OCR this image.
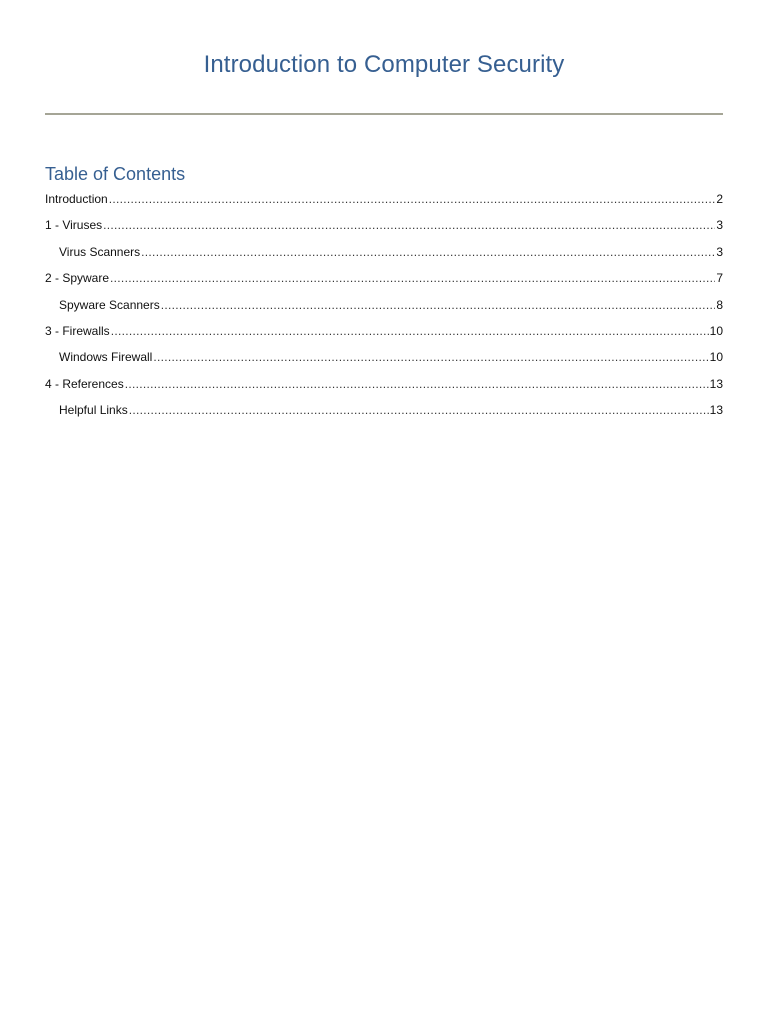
Introduction to Computer Security
Table of Contents
Introduction .....	2
1 - Viruses .....	3
Virus Scanners .....	3
2 - Spyware .....	7
Spyware Scanners .....	8
3 - Firewalls .....	10
Windows Firewall .....	10
4 - References .....	13
Helpful Links .....	13
